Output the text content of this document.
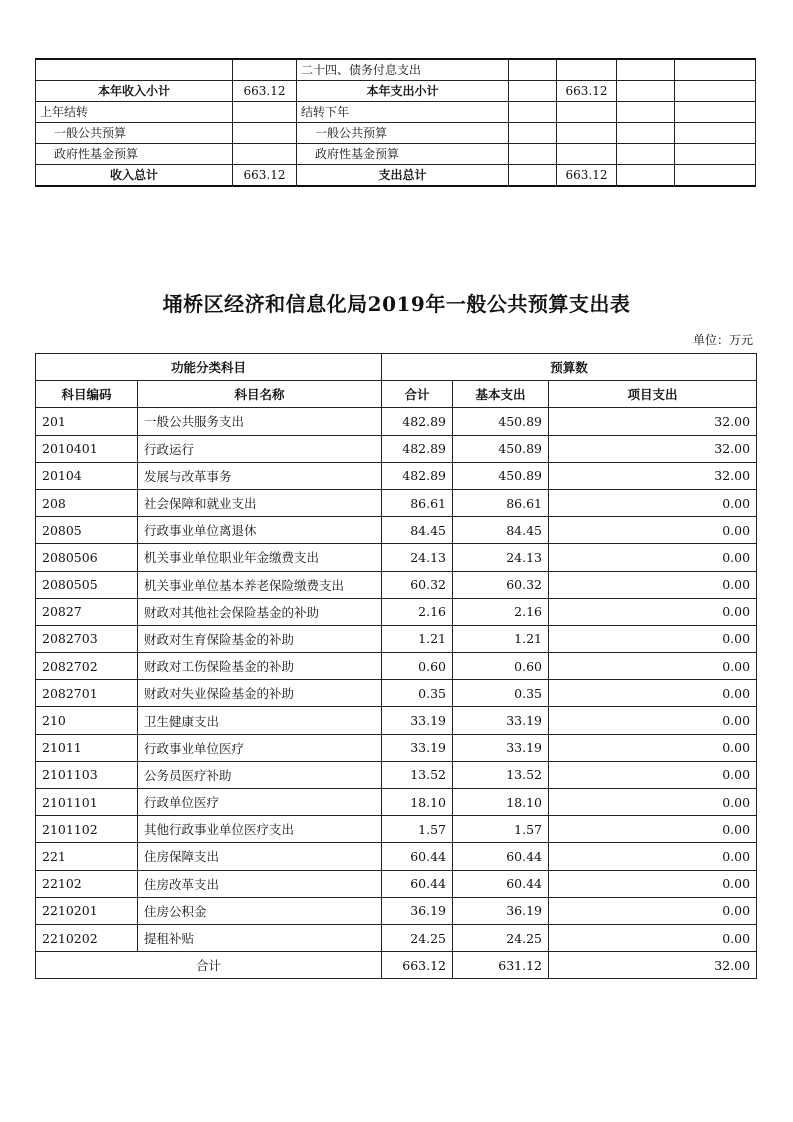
		二十四、债务付息支出				
本年收入小计	663.12	本年支出小计		663.12		
上年结转		结转下年				
一般公共预算		一般公共预算				
政府性基金预算		政府性基金预算				
收入总计	663.12	支出总计		663.12		
埇桥区经济和信息化局2019年一般公共预算支出表
单位：万元
功能分类科目		预算数		
科目编码	科目名称	合计	基本支出	项目支出
201	一般公共服务支出	482.89	450.89	32.00
2010401	行政运行	482.89	450.89	32.00
20104	发展与改革事务	482.89	450.89	32.00
208	社会保障和就业支出	86.61	86.61	0.00
20805	行政事业单位离退休	84.45	84.45	0.00
2080506	机关事业单位职业年金缴费支出	24.13	24.13	0.00
2080505	机关事业单位基本养老保险缴费支出	60.32	60.32	0.00
20827	财政对其他社会保险基金的补助	2.16	2.16	0.00
2082703	财政对生育保险基金的补助	1.21	1.21	0.00
2082702	财政对工伤保险基金的补助	0.60	0.60	0.00
2082701	财政对失业保险基金的补助	0.35	0.35	0.00
210	卫生健康支出	33.19	33.19	0.00
21011	行政事业单位医疗	33.19	33.19	0.00
2101103	公务员医疗补助	13.52	13.52	0.00
2101101	行政单位医疗	18.10	18.10	0.00
2101102	其他行政事业单位医疗支出	1.57	1.57	0.00
221	住房保障支出	60.44	60.44	0.00
22102	住房改革支出	60.44	60.44	0.00
2210201	住房公积金	36.19	36.19	0.00
2210202	提租补贴	24.25	24.25	0.00
合计		663.12	631.12	32.00
